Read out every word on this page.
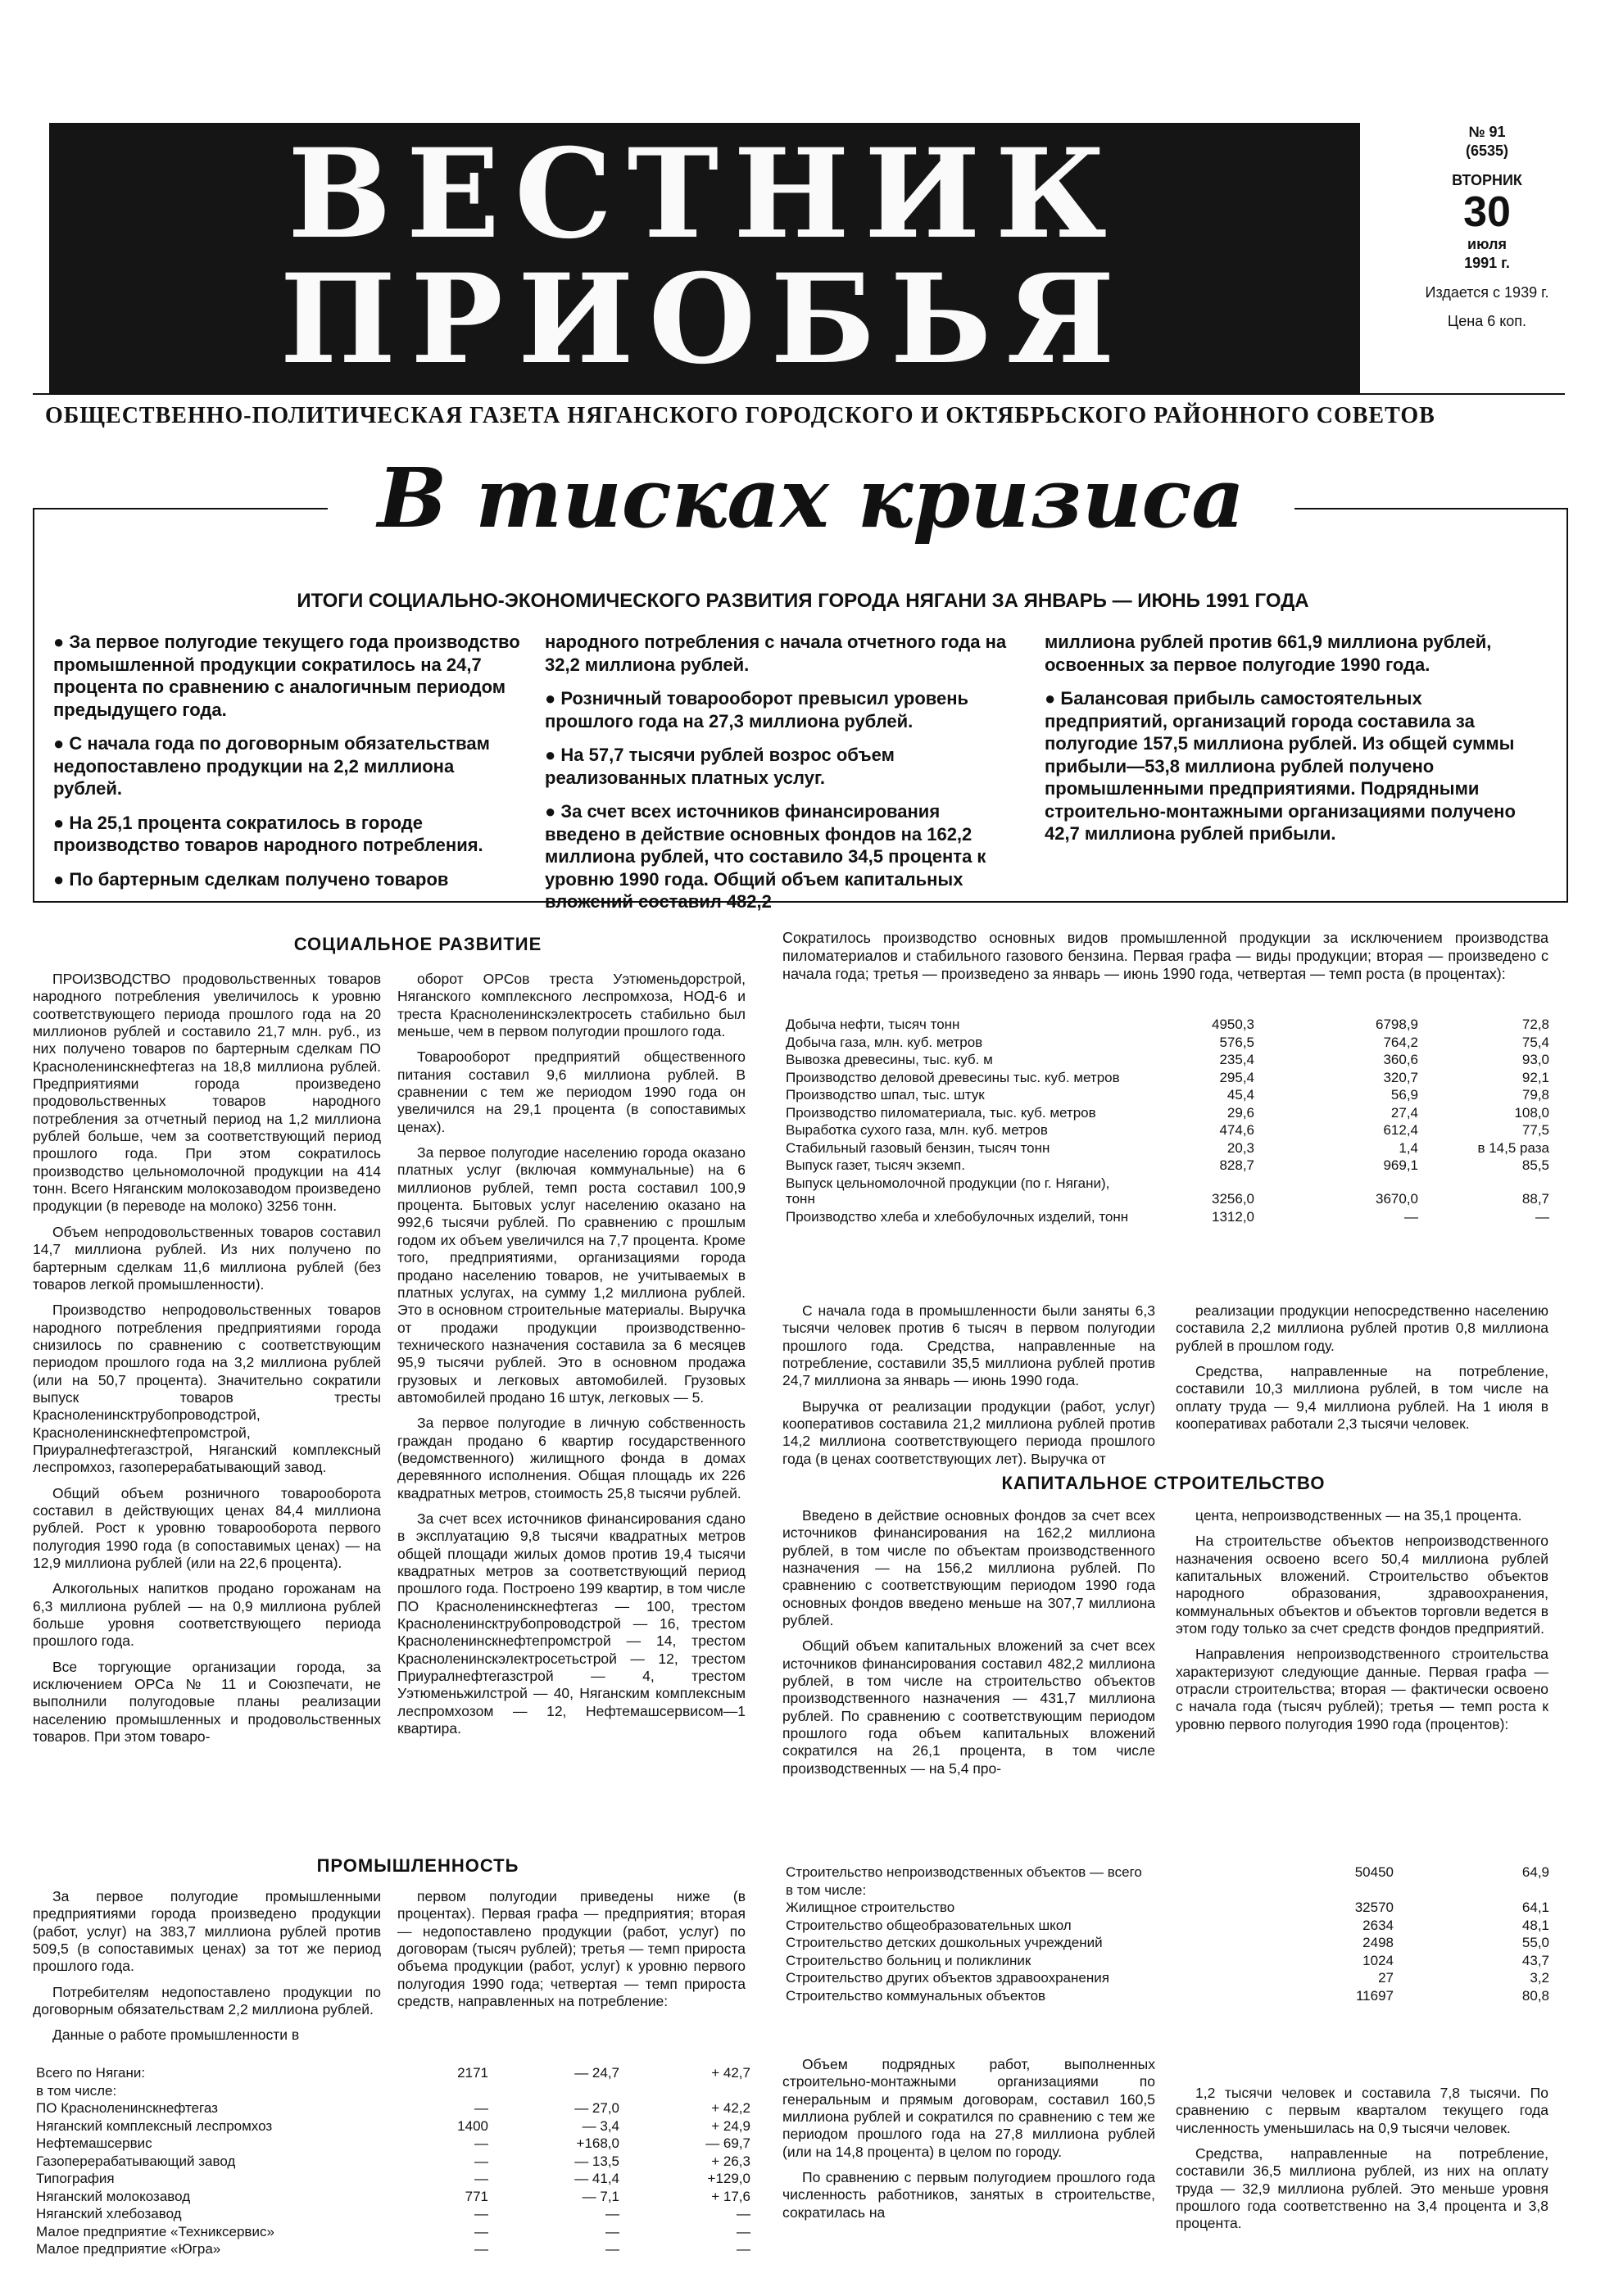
ВЕСТНИК
ПРИОБЬЯ
№ 91
(6535)
ВТОРНИК
30
июля
1991 г.
Издается с 1939 г.
Цена 6 коп.
ОБЩЕСТВЕННО-ПОЛИТИЧЕСКАЯ ГАЗЕТА НЯГАНСКОГО ГОРОДСКОГО И ОКТЯБРЬСКОГО РАЙОННОГО СОВЕТОВ
В тисках кризиса
ИТОГИ СОЦИАЛЬНО-ЭКОНОМИЧЕСКОГО РАЗВИТИЯ ГОРОДА НЯГАНИ ЗА ЯНВАРЬ — ИЮНЬ 1991 ГОДА

● За первое полугодие текущего года производство промышленной продукции сократилось на 24,7 процента по сравнению с аналогичным периодом предыдущего года.

● С начала года по договорным обязательствам недопоставлено продукции на 2,2 миллиона рублей.

● На 25,1 процента сократилось в городе производство товаров народного потребления.

● По бартерным сделкам получено товаров

народного потребления с начала отчетного года на 32,2 миллиона рублей.

● Розничный товарооборот превысил уровень прошлого года на 27,3 миллиона рублей.

● На 57,7 тысячи рублей возрос объем реализованных платных услуг.

● За счет всех источников финансирования введено в действие основных фондов на 162,2 миллиона рублей, что составило 34,5 процента к уровню 1990 года. Общий объем капитальных вложений составил 482,2

миллиона рублей против 661,9 миллиона рублей, освоенных за первое полугодие 1990 года.

● Балансовая прибыль самостоятельных предприятий, организаций города составила за полугодие 157,5 миллиона рублей. Из общей суммы прибыли—53,8 миллиона рублей получено промышленными предприятиями. Подрядными строительно-монтажными организациями получено 42,7 миллиона рублей прибыли.

СОЦИАЛЬНОЕ РАЗВИТИЕ

ПРОИЗВОДСТВО продовольственных товаров народного потребления увеличилось к уровню соответствующего периода прошлого года на 20 миллионов рублей и составило 21,7 млн. руб., из них получено товаров по бартерным сделкам ПО Красноленинскнефтегаз на 18,8 миллиона рублей. Предприятиями города произведено продовольственных товаров народного потребления за отчетный период на 1,2 миллиона рублей больше, чем за соответствующий период прошлого года. При этом сократилось производство цельномолочной продукции на 414 тонн. Всего Няганским молокозаводом произведено продукции (в переводе на молоко) 3256 тонн.

Объем непродовольственных товаров составил 14,7 миллиона рублей. Из них получено по бартерным сделкам 11,6 миллиона рублей (без товаров легкой промышленности).

Производство непродовольственных товаров народного потребления предприятиями города снизилось по сравнению с соответствующим периодом прошлого года на 3,2 миллиона рублей (или на 50,7 процента). Значительно сократили выпуск товаров тресты Красноленинсктрубопроводстрой, Красноленинскнефтепромстрой, Приуралнефтегазстрой, Няганский комплексный леспромхоз, газоперерабатывающий завод.

Общий объем розничного товарооборота составил в действующих ценах 84,4 миллиона рублей. Рост к уровню товарооборота первого полугодия 1990 года (в сопоставимых ценах) — на 12,9 миллиона рублей (или на 22,6 процента).

Алкогольных напитков продано горожанам на 6,3 миллиона рублей — на 0,9 миллиона рублей больше уровня соответствующего периода прошлого года.

Все торгующие организации города, за исключением ОРСа № 11 и Союзпечати, не выполнили полугодовые планы реализации населению промышленных и продовольственных товаров. При этом товаро-

оборот ОРСов треста Уэтюменьдорстрой, Няганского комплексного леспромхоза, НОД-6 и треста Красноленинскэлектросеть стабильно был меньше, чем в первом полугодии прошлого года.

Товарооборот предприятий общественного питания составил 9,6 миллиона рублей. В сравнении с тем же периодом 1990 года он увеличился на 29,1 процента (в сопоставимых ценах).

За первое полугодие населению города оказано платных услуг (включая коммунальные) на 6 миллионов рублей, темп роста составил 100,9 процента. Бытовых услуг населению оказано на 992,6 тысячи рублей. По сравнению с прошлым годом их объем увеличился на 7,7 процента. Кроме того, предприятиями, организациями города продано населению товаров, не учитываемых в платных услугах, на сумму 1,2 миллиона рублей. Это в основном строительные материалы. Выручка от продажи продукции производственно-технического назначения составила за 6 месяцев 95,9 тысячи рублей. Это в основном продажа грузовых и легковых автомобилей. Грузовых автомобилей продано 16 штук, легковых — 5.

За первое полугодие в личную собственность граждан продано 6 квартир государственного (ведомственного) жилищного фонда в домах деревянного исполнения. Общая площадь их 226 квадратных метров, стоимость 25,8 тысячи рублей.

За счет всех источников финансирования сдано в эксплуатацию 9,8 тысячи квадратных метров общей площади жилых домов против 19,4 тысячи квадратных метров за соответствующий период прошлого года. Построено 199 квартир, в том числе ПО Красноленинскнефтегаз — 100, трестом Красноленинсктрубопроводстрой — 16, трестом Красноленинскнефтепромстрой — 14, трестом Красноленинскэлектросетьстрой — 12, трестом Приуралнефтегазстрой — 4, трестом Уэтюменьжилстрой — 40, Няганским комплексным леспромхозом — 12, Нефтемашсервисом—1 квартира.

Сократилось производство основных видов промышленной продукции за исключением производства пиломатериалов и стабильного газового бензина. Первая графа — виды продукции; вторая — произведено с начала года; третья — произведено за январь — июнь 1990 года, четвертая — темп роста (в процентах):
Добыча нефти, тысяч тонн	4950,3	6798,9	72,8
Добыча газа, млн. куб. метров	576,5	764,2	75,4
Вывозка древесины, тыс. куб. м	235,4	360,6	93,0
Производство деловой древесины тыс. куб. метров	295,4	320,7	92,1
Производство шпал, тыс. штук	45,4	56,9	79,8
Производство пиломатериала, тыс. куб. метров	29,6	27,4	108,0
Выработка сухого газа, млн. куб. метров	474,6	612,4	77,5
Стабильный газовый бензин, тысяч тонн	20,3	1,4	в 14,5 раза
Выпуск газет, тысяч экземп.	828,7	969,1	85,5
Выпуск цельномолочной продукции (по г. Нягани), тонн	3256,0	3670,0	88,7
Производство хлеба и хлебобулочных изделий, тонн	1312,0	—	—

С начала года в промышленности были заняты 6,3 тысячи человек против 6 тысяч в первом полугодии прошлого года. Средства, направленные на потребление, составили 35,5 миллиона рублей против 24,7 миллиона за январь — июнь 1990 года.

Выручка от реализации продукции (работ, услуг) кооперативов составила 21,2 миллиона рублей против 14,2 миллиона соответствующего периода прошлого года (в ценах соответствующих лет). Выручка от

реализации продукции непосредственно населению составила 2,2 миллиона рублей против 0,8 миллиона рублей в прошлом году.

Средства, направленные на потребление, составили 10,3 миллиона рублей, в том числе на оплату труда — 9,4 миллиона рублей. На 1 июля в кооперативах работали 2,3 тысячи человек.

КАПИТАЛЬНОЕ СТРОИТЕЛЬСТВО

Введено в действие основных фондов за счет всех источников финансирования на 162,2 миллиона рублей, в том числе по объектам производственного назначения — на 156,2 миллиона рублей. По сравнению с соответствующим периодом 1990 года основных фондов введено меньше на 307,7 миллиона рублей.

Общий объем капитальных вложений за счет всех источников финансирования составил 482,2 миллиона рублей, в том числе на строительство объектов производственного назначения — 431,7 миллиона рублей. По сравнению с соответствующим периодом прошлого года объем капитальных вложений сократился на 26,1 процента, в том числе производственных — на 5,4 про-

цента, непроизводственных — на 35,1 процента.

На строительстве объектов непроизводственного назначения освоено всего 50,4 миллиона рублей капитальных вложений. Строительство объектов народного образования, здравоохранения, коммунальных объектов и объектов торговли ведется в этом году только за счет средств фондов предприятий.

Направления непроизводственного строительства характеризуют следующие данные. Первая графа — отрасли строительства; вторая — фактически освоено с начала года (тысяч рублей); третья — темп роста к уровню первого полугодия 1990 года (процентов):

Строительство непроизводственных объектов — всего	50450	64,9
в том числе:		
Жилищное строительство	32570	64,1
Строительство общеобразовательных школ	2634	48,1
Строительство детских дошкольных учреждений	2498	55,0
Строительство больниц и поликлиник	1024	43,7
Строительство других объектов здравоохранения	27	3,2
Строительство коммунальных объектов	11697	80,8

Объем подрядных работ, выполненных строительно-монтажными организациями по генеральным и прямым договорам, составил 160,5 миллиона рублей и сократился по сравнению с тем же периодом прошлого года на 27,8 миллиона рублей (или на 14,8 процента) в целом по городу.

По сравнению с первым полугодием прошлого года численность работников, занятых в строительстве, сократилась на

1,2 тысячи человек и составила 7,8 тысячи. По сравнению с первым кварталом текущего года численность уменьшилась на 0,9 тысячи человек.

Средства, направленные на потребление, составили 36,5 миллиона рублей, из них на оплату труда — 32,9 миллиона рублей. Это меньше уровня прошлого года соответственно на 3,4 процента и 3,8 процента.

ПРОМЫШЛЕННОСТЬ

За первое полугодие промышленными предприятиями города произведено продукции (работ, услуг) на 383,7 миллиона рублей против 509,5 (в сопоставимых ценах) за тот же период прошлого года.

Потребителям недопоставлено продукции по договорным обязательствам 2,2 миллиона рублей.

Данные о работе промышленности в

первом полугодии приведены ниже (в процентах). Первая графа — предприятия; вторая — недопоставлено продукции (работ, услуг) по договорам (тысяч рублей); третья — темп прироста объема продукции (работ, услуг) к уровню первого полугодия 1990 года; четвертая — темп прироста средств, направленных на потребление:

Всего по Нягани:	2171	— 24,7	+ 42,7
в том числе:			
ПО Красноленинскнефтегаз	—	— 27,0	+ 42,2
Няганский комплексный леспромхоз	1400	— 3,4	+ 24,9
Нефтемашсервис	—	+168,0	— 69,7
Газоперерабатывающий завод	—	— 13,5	+ 26,3
Типография	—	— 41,4	+129,0
Няганский молокозавод	771	— 7,1	+ 17,6
Няганский хлебозавод	—	—	—
Малое предприятие «Техниксервис»	—	—	—
Малое предприятие «Югра»	—	—	—
